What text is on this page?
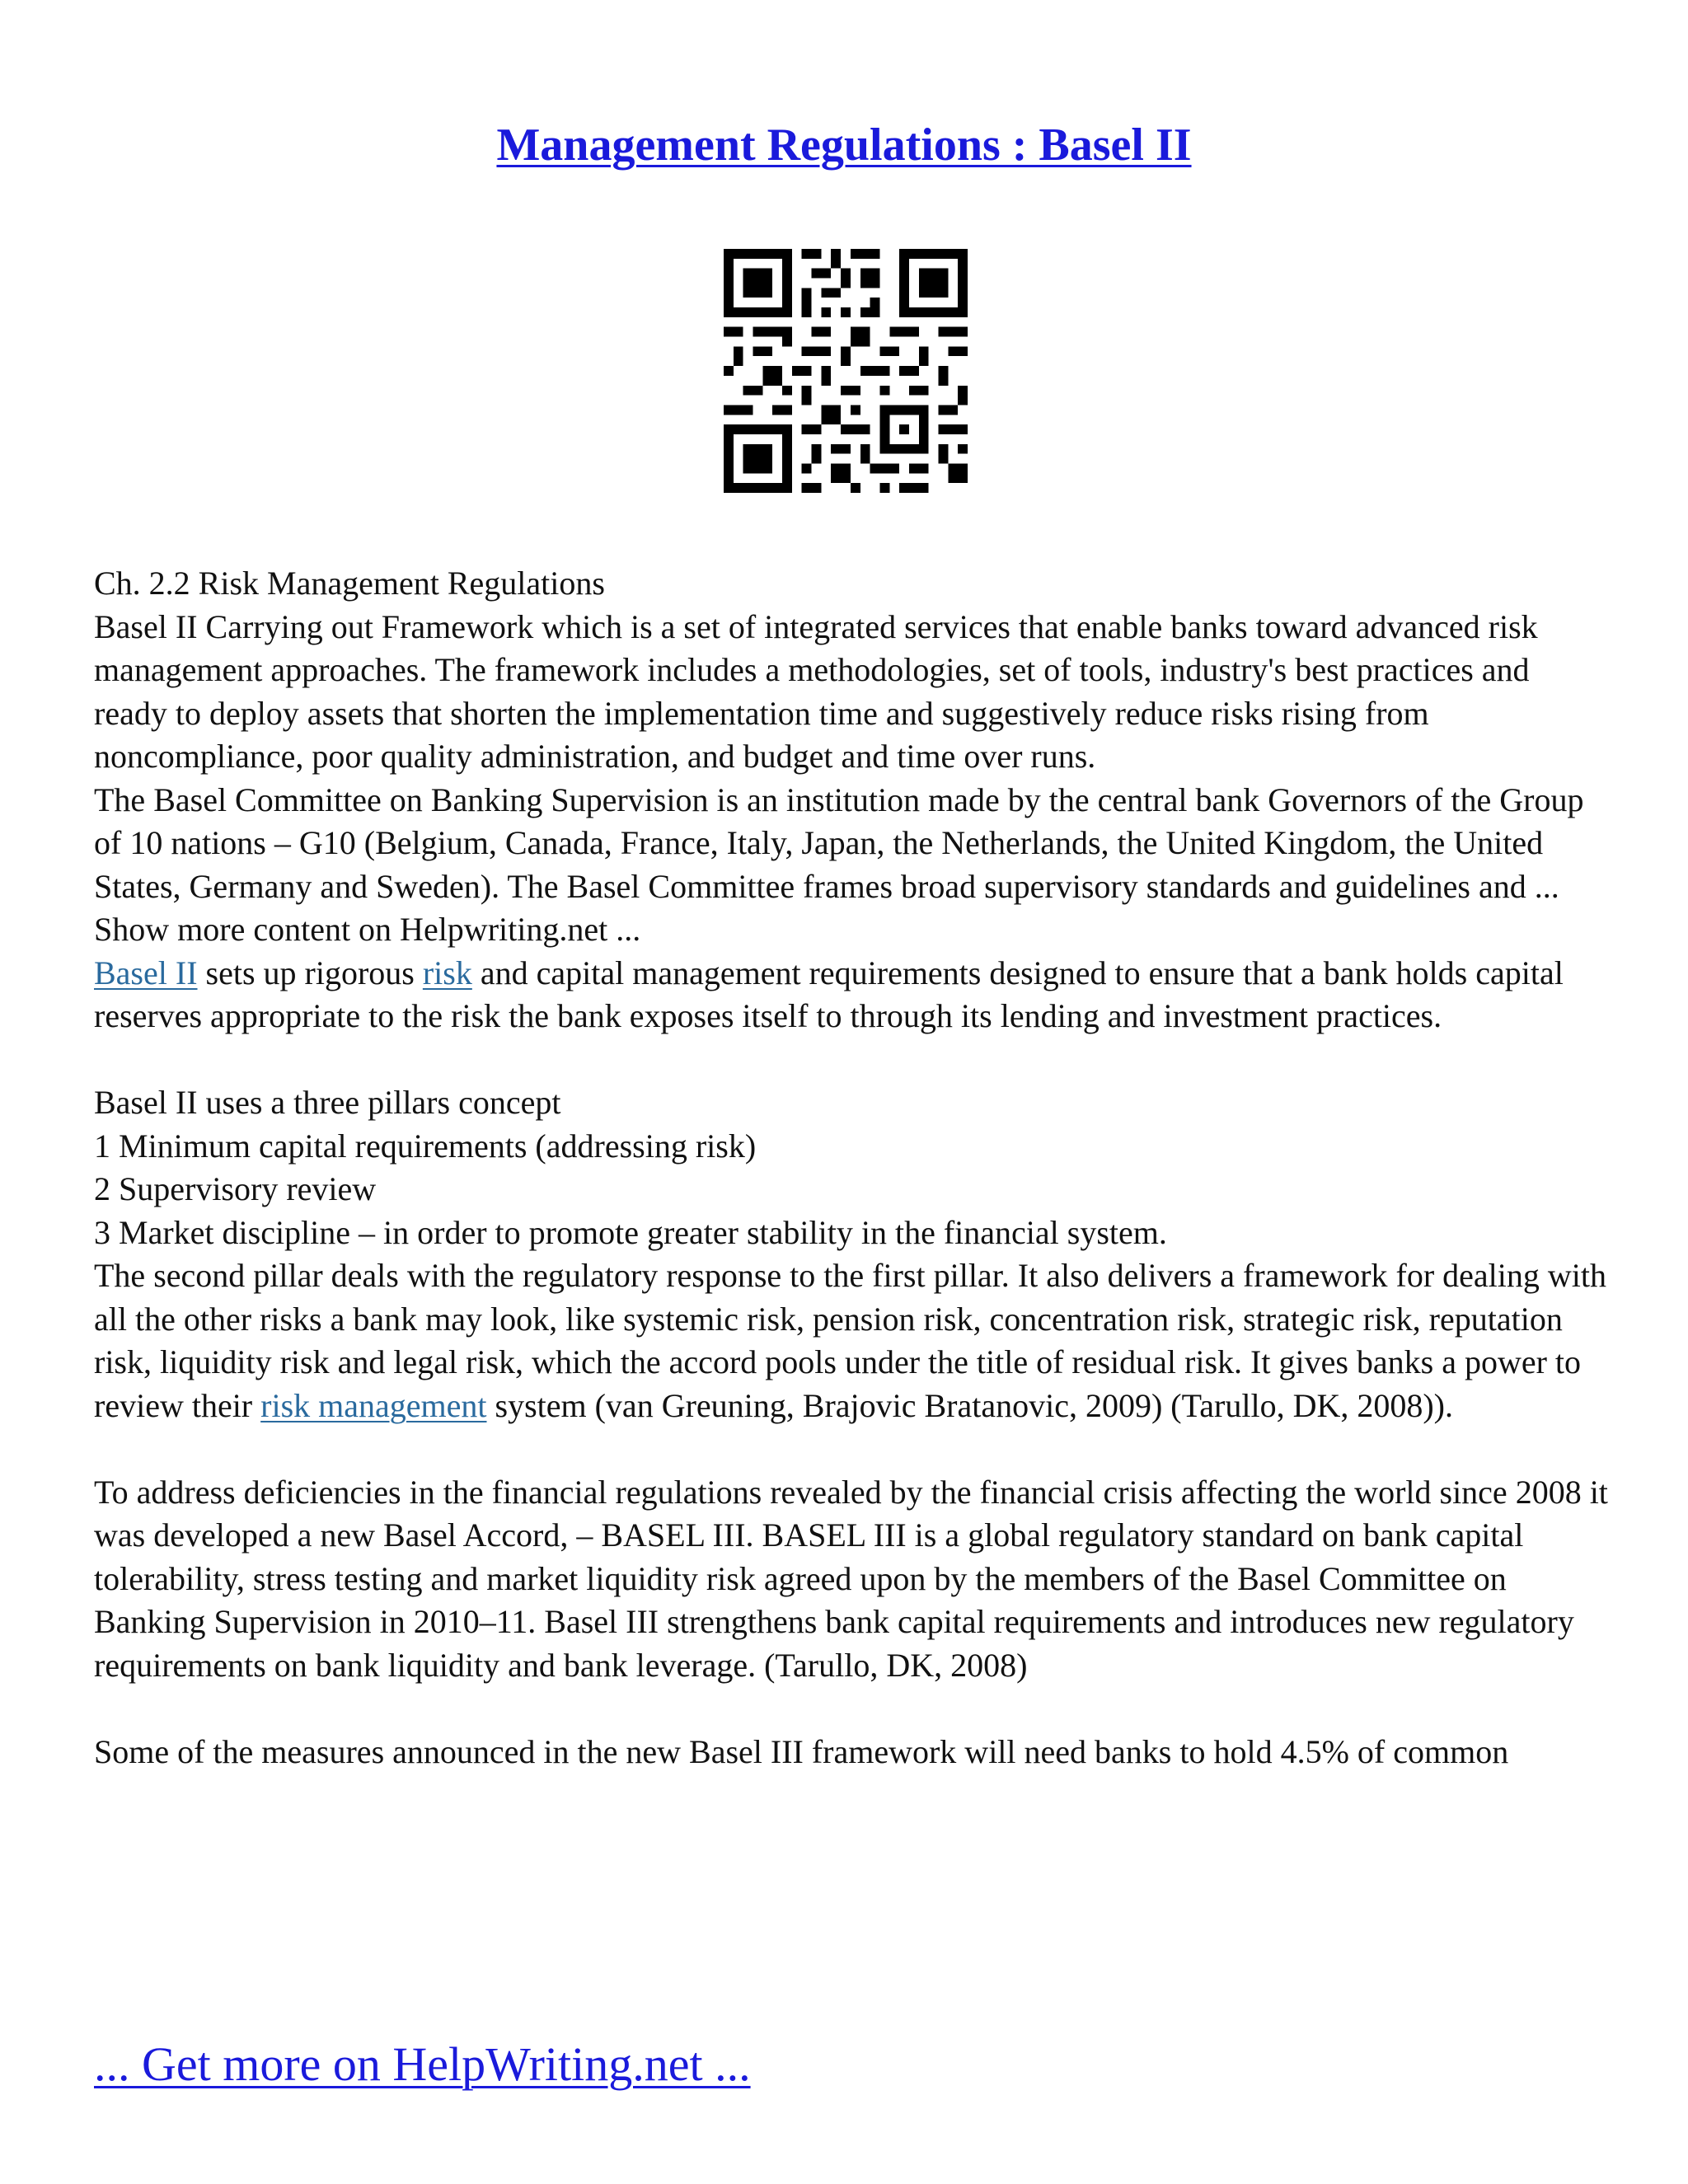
Management Regulations : Basel II

Ch. 2.2 Risk Management Regulations

Basel II Carrying out Framework which is a set of integrated services that enable banks toward advanced risk management approaches. The framework includes a methodologies, set of tools, industry's best practices and ready to deploy assets that shorten the implementation time and suggestively reduce risks rising from noncompliance, poor quality administration, and budget and time over runs.

The Basel Committee on Banking Supervision is an institution made by the central bank Governors of the Group of 10 nations – G10 (Belgium, Canada, France, Italy, Japan, the Netherlands, the United Kingdom, the United States, Germany and Sweden). The Basel Committee frames broad supervisory standards and guidelines and ... Show more content on Helpwriting.net ...

Basel II sets up rigorous risk and capital management requirements designed to ensure that a bank holds capital reserves appropriate to the risk the bank exposes itself to through its lending and investment practices.

Basel II uses a three pillars concept

1 Minimum capital requirements (addressing risk)

2 Supervisory review

3 Market discipline – in order to promote greater stability in the financial system.

The second pillar deals with the regulatory response to the first pillar. It also delivers a framework for dealing with all the other risks a bank may look, like systemic risk, pension risk, concentration risk, strategic risk, reputation risk, liquidity risk and legal risk, which the accord pools under the title of residual risk. It gives banks a power to review their risk management system (van Greuning, Brajovic Bratanovic, 2009) (Tarullo, DK, 2008)).

To address deficiencies in the financial regulations revealed by the financial crisis affecting the world since 2008 it was developed a new Basel Accord, – BASEL III. BASEL III is a global regulatory standard on bank capital tolerability, stress testing and market liquidity risk agreed upon by the members of the Basel Committee on Banking Supervision in 2010–11. Basel III strengthens bank capital requirements and introduces new regulatory requirements on bank liquidity and bank leverage. (Tarullo, DK, 2008)

Some of the measures announced in the new Basel III framework will need banks to hold 4.5% of common

... Get more on HelpWriting.net ...
